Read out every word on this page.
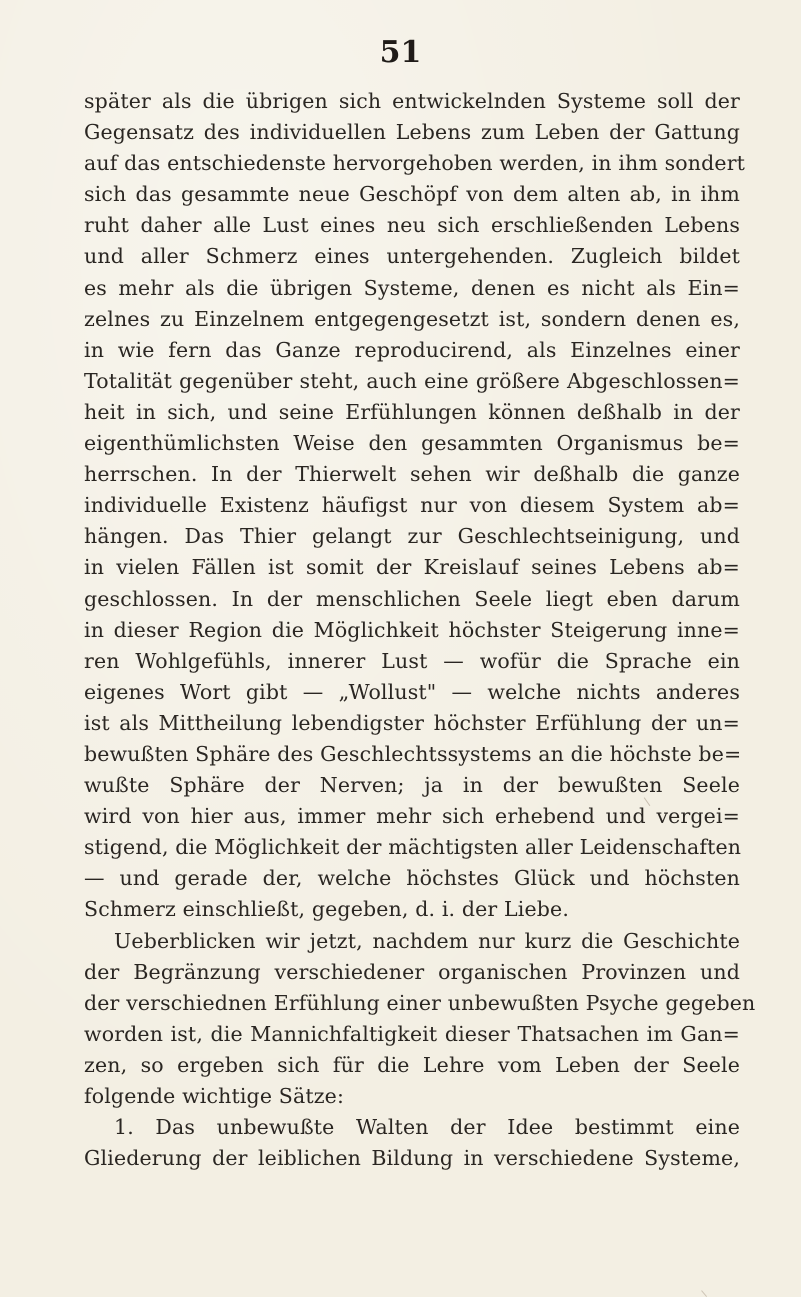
51
später als die übrigen sich entwickelnden Systeme soll der
Gegensatz des individuellen Lebens zum Leben der Gattung
auf das entschiedenste hervorgehoben werden, in ihm sondert
sich das gesammte neue Geschöpf von dem alten ab, in ihm
ruht daher alle Lust eines neu sich erschließenden Lebens
und aller Schmerz eines untergehenden. Zugleich bildet
es mehr als die übrigen Systeme, denen es nicht als Ein=
zelnes zu Einzelnem entgegengesetzt ist, sondern denen es,
in wie fern das Ganze reproducirend, als Einzelnes einer
Totalität gegenüber steht, auch eine größere Abgeschlossen=
heit in sich, und seine Erfühlungen können deßhalb in der
eigenthümlichsten Weise den gesammten Organismus be=
herrschen. In der Thierwelt sehen wir deßhalb die ganze
individuelle Existenz häufigst nur von diesem System ab=
hängen. Das Thier gelangt zur Geschlechtseinigung, und
in vielen Fällen ist somit der Kreislauf seines Lebens ab=
geschlossen. In der menschlichen Seele liegt eben darum
in dieser Region die Möglichkeit höchster Steigerung inne=
ren Wohlgefühls, innerer Lust — wofür die Sprache ein
eigenes Wort gibt — „Wollust" — welche nichts anderes
ist als Mittheilung lebendigster höchster Erfühlung der un=
bewußten Sphäre des Geschlechtssystems an die höchste be=
wußte Sphäre der Nerven; ja in der bewußten Seele
wird von hier aus, immer mehr sich erhebend und vergei=
stigend, die Möglichkeit der mächtigsten aller Leidenschaften
— und gerade der, welche höchstes Glück und höchsten
Schmerz einschließt, gegeben, d. i. der Liebe.
Ueberblicken wir jetzt, nachdem nur kurz die Geschichte
der Begränzung verschiedener organischen Provinzen und
der verschiednen Erfühlung einer unbewußten Psyche gegeben
worden ist, die Mannichfaltigkeit dieser Thatsachen im Gan=
zen, so ergeben sich für die Lehre vom Leben der Seele
folgende wichtige Sätze:
1. Das unbewußte Walten der Idee bestimmt eine
Gliederung der leiblichen Bildung in verschiedene Systeme,
